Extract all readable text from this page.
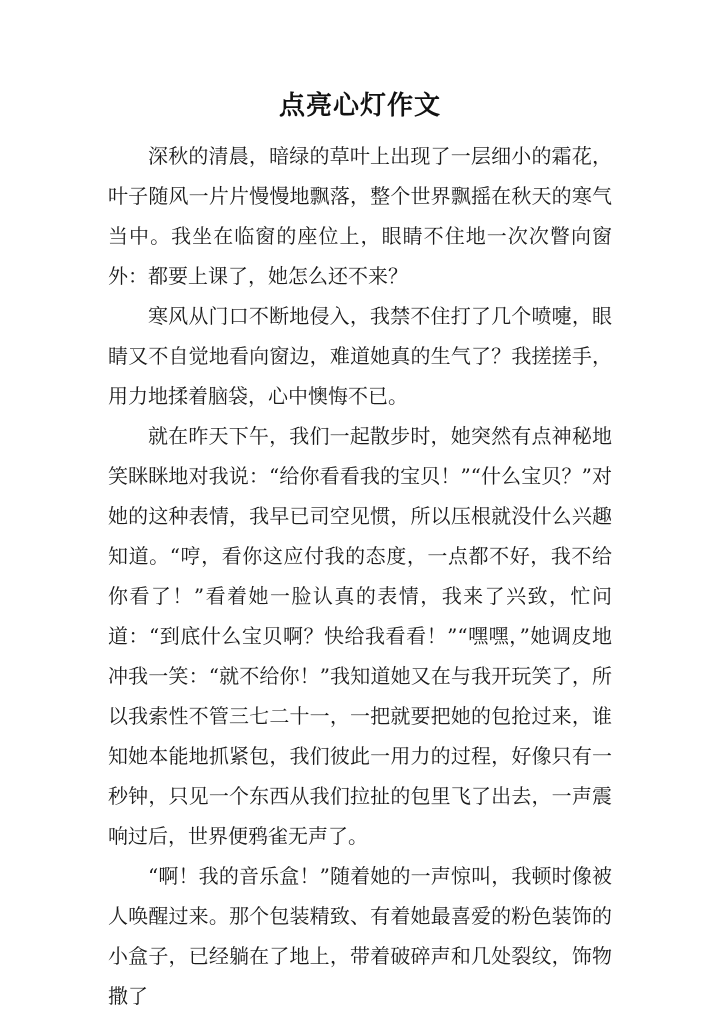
点亮心灯作文

深秋的清晨，暗绿的草叶上出现了一层细小的霜花，叶子随风一片片慢慢地飘落，整个世界飘摇在秋天的寒气当中。我坐在临窗的座位上，眼睛不住地一次次瞥向窗外：都要上课了，她怎么还不来？

寒风从门口不断地侵入，我禁不住打了几个喷嚏，眼睛又不自觉地看向窗边，难道她真的生气了？我搓搓手，用力地揉着脑袋，心中懊悔不已。

就在昨天下午，我们一起散步时，她突然有点神秘地笑眯眯地对我说：“给你看看我的宝贝！”“什么宝贝？”对她的这种表情，我早已司空见惯，所以压根就没什么兴趣知道。“哼，看你这应付我的态度，一点都不好，我不给你看了！”看着她一脸认真的表情，我来了兴致，忙问道：“到底什么宝贝啊？快给我看看！”“嘿嘿，”她调皮地冲我一笑：“就不给你！”我知道她又在与我开玩笑了，所以我索性不管三七二十一，一把就要把她的包抢过来，谁知她本能地抓紧包，我们彼此一用力的过程，好像只有一秒钟，只见一个东西从我们拉扯的包里飞了出去，一声震响过后，世界便鸦雀无声了。

“啊！我的音乐盒！”随着她的一声惊叫，我顿时像被人唤醒过来。那个包装精致、有着她最喜爱的粉色装饰的小盒子，已经躺在了地上，带着破碎声和几处裂纹，饰物撒了
